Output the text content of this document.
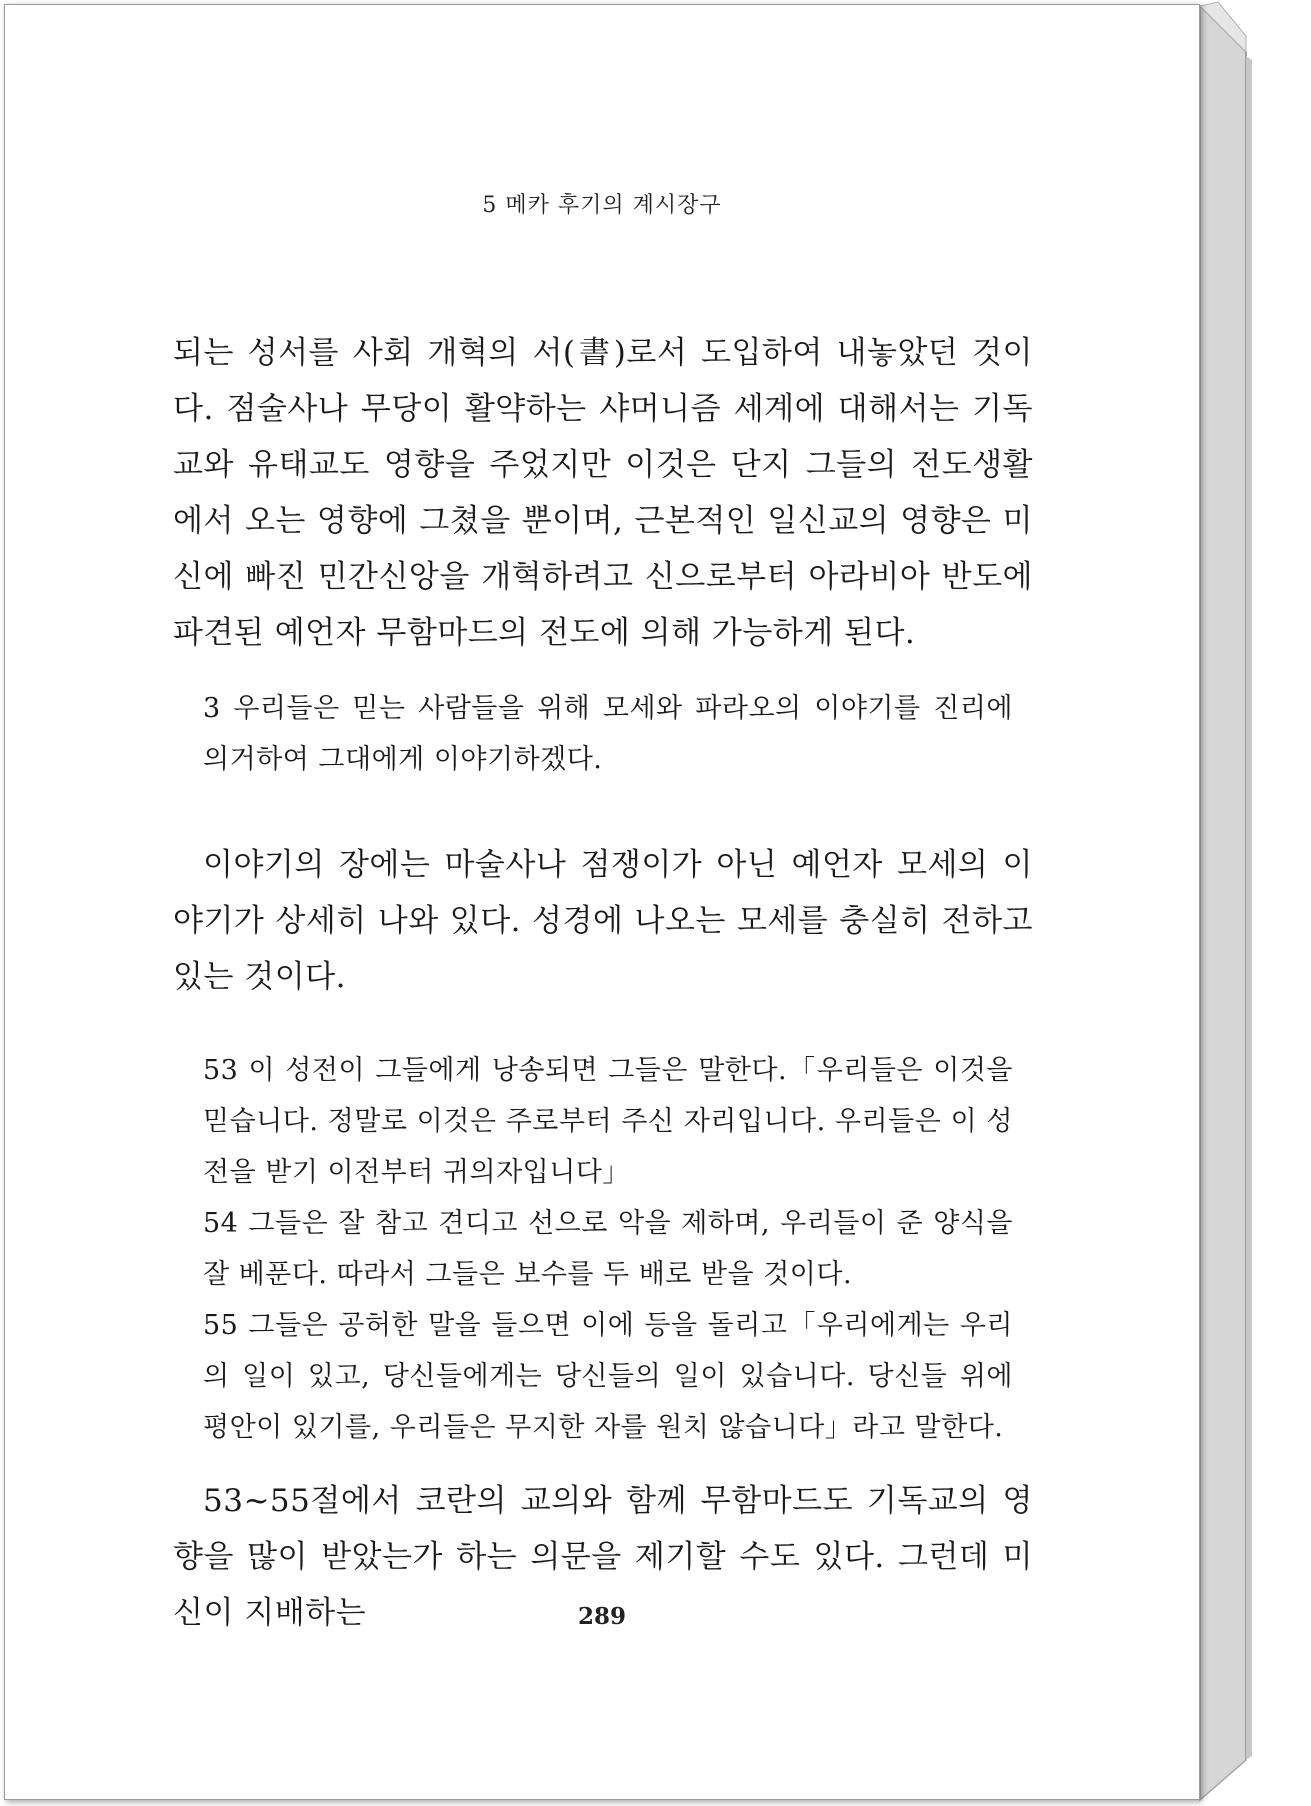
5 메카 후기의 계시장구

되는 성서를 사회 개혁의 서(書)로서 도입하여 내놓았던 것이다. 점술사나 무당이 활약하는 샤머니즘 세계에 대해서는 기독교와 유태교도 영향을 주었지만 이것은 단지 그들의 전도생활에서 오는 영향에 그쳤을 뿐이며, 근본적인 일신교의 영향은 미신에 빠진 민간신앙을 개혁하려고 신으로부터 아라비아 반도에 파견된 예언자 무함마드의 전도에 의해 가능하게 된다.

3 우리들은 믿는 사람들을 위해 모세와 파라오의 이야기를 진리에 의거하여 그대에게 이야기하겠다.

이야기의 장에는 마술사나 점쟁이가 아닌 예언자 모세의 이야기가 상세히 나와 있다. 성경에 나오는 모세를 충실히 전하고 있는 것이다.

53 이 성전이 그들에게 낭송되면 그들은 말한다.「우리들은 이것을 믿습니다. 정말로 이것은 주로부터 주신 자리입니다. 우리들은 이 성전을 받기 이전부터 귀의자입니다」

54 그들은 잘 참고 견디고 선으로 악을 제하며, 우리들이 준 양식을 잘 베푼다. 따라서 그들은 보수를 두 배로 받을 것이다.

55 그들은 공허한 말을 들으면 이에 등을 돌리고「우리에게는 우리의 일이 있고, 당신들에게는 당신들의 일이 있습니다. 당신들 위에 평안이 있기를, 우리들은 무지한 자를 원치 않습니다」라고 말한다.

53~55절에서 코란의 교의와 함께 무함마드도 기독교의 영향을 많이 받았는가 하는 의문을 제기할 수도 있다. 그런데 미신이 지배하는	289
